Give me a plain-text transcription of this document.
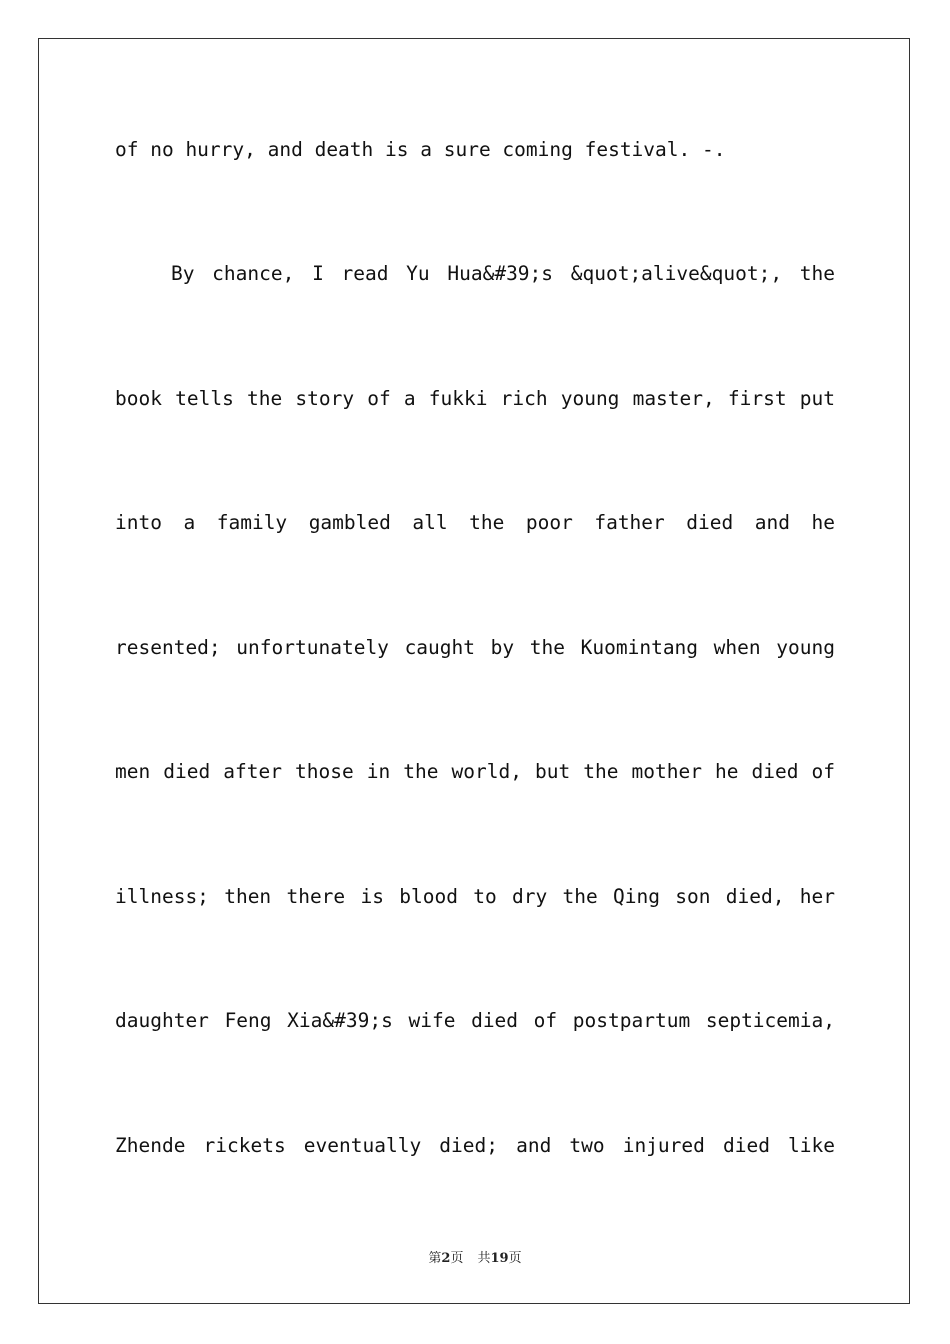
of no hurry, and death is a sure coming festival. -.
By chance, I read Yu Hua&#39;s &quot;alive&quot;, the
book tells the story of a fukki rich young master, first put
into a family gambled all the poor father died and he
resented; unfortunately caught by the Kuomintang when young
men died after those in the world, but the mother he died of
illness; then there is blood to dry the Qing son died, her
daughter Feng Xia&#39;s wife died of postpartum septicemia,
Zhende rickets eventually died; and two injured died like
第2页 共19页
